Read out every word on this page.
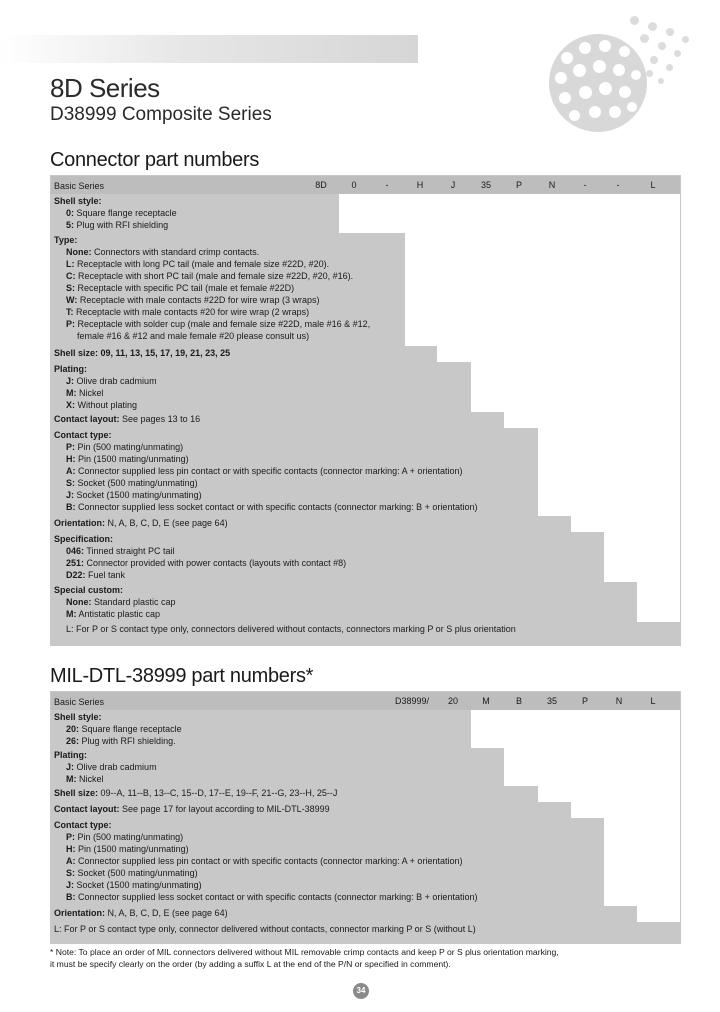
8D Series
D38999 Composite Series
Connector part numbers
Basic Series	8D	0	-	H	J	35	P	N	-	-	L
Shell style:
0: Square flange receptacle
5: Plug with RFI shielding
Type:
None: Connectors with standard crimp contacts.
L: Receptacle with long PC tail (male and female size #22D, #20).
C: Receptacle with short PC tail (male and female size #22D, #20, #16).
S: Receptacle with specific PC tail (male et female #22D)
W: Receptacle with male contacts #22D for wire wrap (3 wraps)
T: Receptacle with male contacts #20 for wire wrap (2 wraps)
P: Receptacle with solder cup (male and female size #22D, male #16 & #12,
female #16 & #12 and male female #20 please consult us)
Shell size: 09, 11, 13, 15, 17, 19, 21, 23, 25
Plating:
J: Olive drab cadmium
M: Nickel
X: Without plating
Contact layout: See pages 13 to 16
Contact type:
P: Pin (500 mating/unmating)
H: Pin (1500 mating/unmating)
A: Connector supplied less pin contact or with specific contacts (connector marking: A + orientation)
S: Socket (500 mating/unmating)
J: Socket (1500 mating/unmating)
B: Connector supplied less socket contact or with specific contacts (connector marking: B + orientation)
Orientation: N, A, B, C, D, E (see page 64)
Specification:
046: Tinned straight PC tail
251: Connector provided with power contacts (layouts with contact #8)
D22: Fuel tank
Special custom:
None: Standard plastic cap
M: Antistatic plastic cap
L: For P or S contact type only, connectors delivered without contacts, connectors marking P or S plus orientation
MIL-DTL-38999 part numbers*
Basic Series	D38999/	20	M	B	35	P	N	L
Shell style:
20: Square flange receptacle
26: Plug with RFI shielding.
Plating:
J: Olive drab cadmium
M: Nickel
Shell size: 09--A, 11--B, 13--C, 15--D, 17--E, 19--F, 21--G, 23--H, 25--J
Contact layout: See page 17 for layout according to MIL-DTL-38999
Contact type:
P: Pin (500 mating/unmating)
H: Pin (1500 mating/unmating)
A: Connector supplied less pin contact or with specific contacts (connector marking: A + orientation)
S: Socket (500 mating/unmating)
J: Socket (1500 mating/unmating)
B: Connector supplied less socket contact or with specific contacts (connector marking: B + orientation)
Orientation: N, A, B, C, D, E (see page 64)
L: For P or S contact type only, connector delivered without contacts, connector marking P or S (without L)
* Note: To place an order of MIL connectors delivered without MIL removable crimp contacts and keep P or S plus orientation marking,
it must be specify clearly on the order (by adding a suffix L at the end of the P/N or specified in comment).
34
